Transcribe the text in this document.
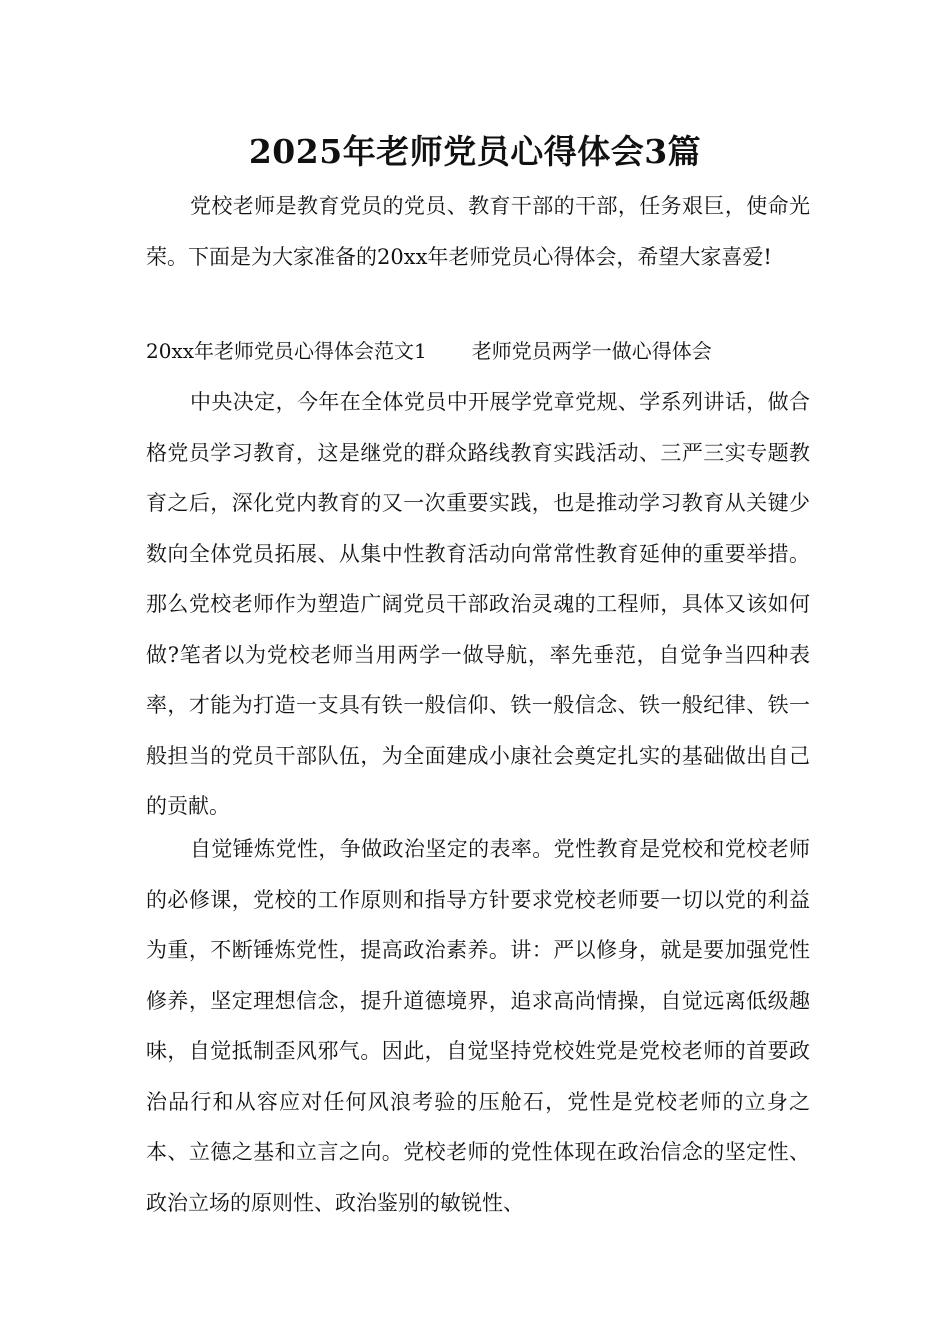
2025年老师党员心得体会3篇
党校老师是教育党员的党员、教育干部的干部，任务艰巨，使命光荣。下面是为大家准备的20xx年老师党员心得体会，希望大家喜爱!
20xx年老师党员心得体会范文1 老师党员两学一做心得体会
中央决定，今年在全体党员中开展学党章党规、学系列讲话，做合格党员学习教育，这是继党的群众路线教育实践活动、三严三实专题教育之后，深化党内教育的又一次重要实践，也是推动学习教育从关键少数向全体党员拓展、从集中性教育活动向常常性教育延伸的重要举措。那么党校老师作为塑造广阔党员干部政治灵魂的工程师，具体又该如何做?笔者以为党校老师当用两学一做导航，率先垂范，自觉争当四种表率，才能为打造一支具有铁一般信仰、铁一般信念、铁一般纪律、铁一般担当的党员干部队伍，为全面建成小康社会奠定扎实的基础做出自己的贡献。
自觉锤炼党性，争做政治坚定的表率。党性教育是党校和党校老师的必修课，党校的工作原则和指导方针要求党校老师要一切以党的利益为重，不断锤炼党性，提高政治素养。讲：严以修身，就是要加强党性修养，坚定理想信念，提升道德境界，追求高尚情操，自觉远离低级趣味，自觉抵制歪风邪气。因此，自觉坚持党校姓党是党校老师的首要政治品行和从容应对任何风浪考验的压舱石，党性是党校老师的立身之本、立德之基和立言之向。党校老师的党性体现在政治信念的坚定性、政治立场的原则性、政治鉴别的敏锐性、
